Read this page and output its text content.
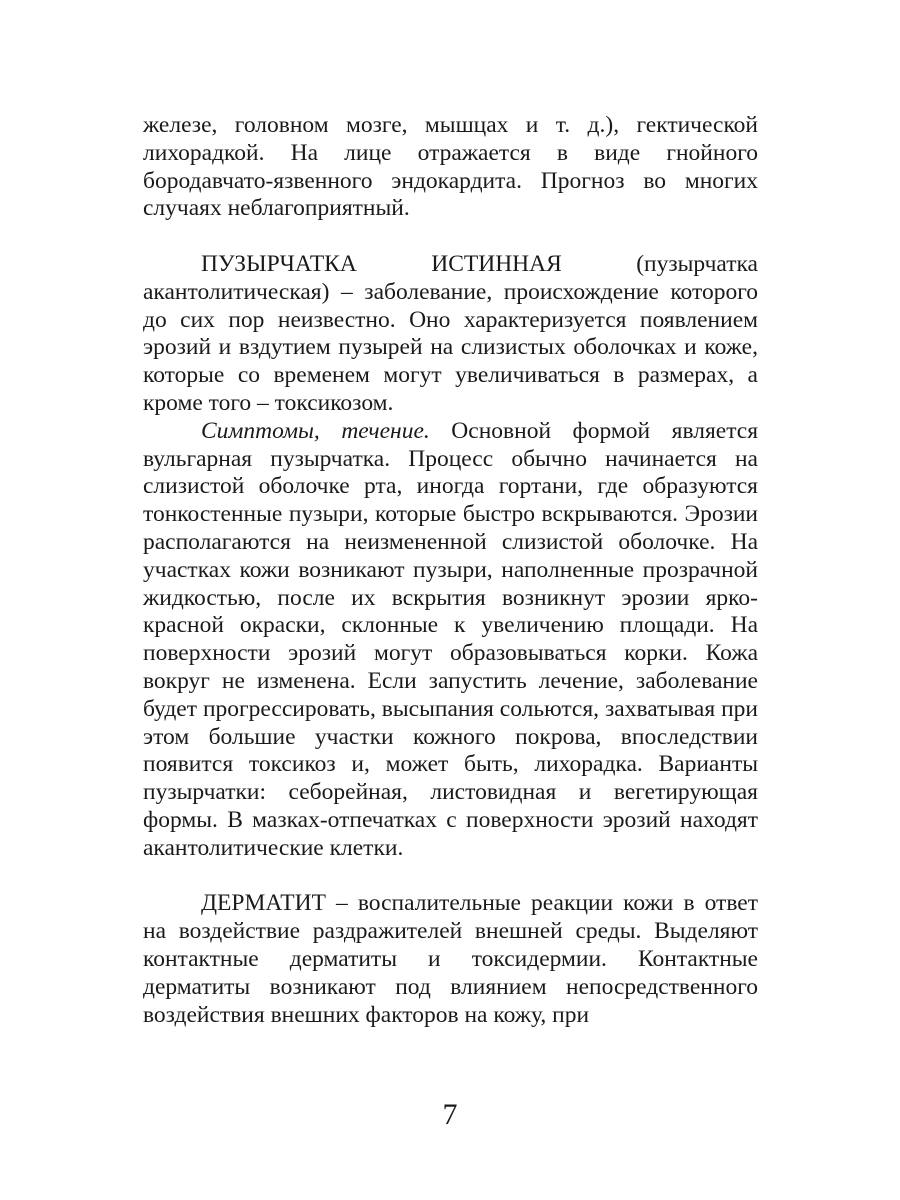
железе, головном мозге, мышцах и т. д.), гектической лихорадкой. На лице отражается в виде гнойного бородавчато-язвенного эндокардита. Прогноз во многих случаях неблагоприятный.

ПУЗЫРЧАТКА ИСТИННАЯ (пузырчатка акантолитическая) – заболевание, происхождение которого до сих пор неизвестно. Оно характеризуется появлением эрозий и вздутием пузырей на слизистых оболочках и коже, которые со временем могут увеличиваться в размерах, а кроме того – токсикозом.

Симптомы, течение. Основной формой является вульгарная пузырчатка. Процесс обычно начинается на слизистой оболочке рта, иногда гортани, где образуются тонкостенные пузыри, которые быстро вскрываются. Эрозии располагаются на неизмененной слизистой оболочке. На участках кожи возникают пузыри, наполненные прозрачной жидкостью, после их вскрытия возникнут эрозии ярко-красной окраски, склонные к увеличению площади. На поверхности эрозий могут образовываться корки. Кожа вокруг не изменена. Если запустить лечение, заболевание будет прогрессировать, высыпания сольются, захватывая при этом большие участки кожного покрова, впоследствии появится токсикоз и, может быть, лихорадка. Варианты пузырчатки: себорейная, листовидная и вегетирующая формы. В мазках-отпечатках с поверхности эрозий находят акантолитические клетки.

ДЕРМАТИТ – воспалительные реакции кожи в ответ на воздействие раздражителей внешней среды. Выделяют контактные дерматиты и токсидермии. Контактные дерматиты возникают под влиянием непосредственного воздействия внешних факторов на кожу, при

7
